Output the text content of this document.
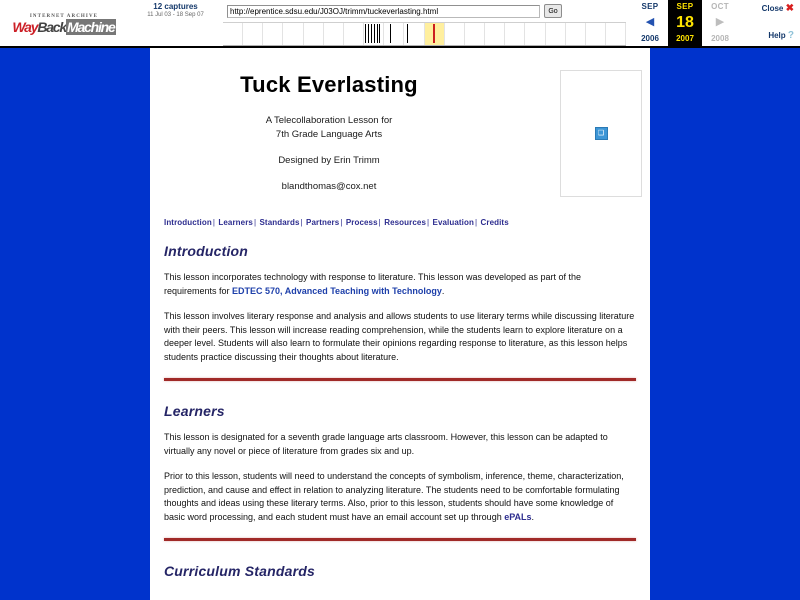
INTERNET ARCHIVE
WayBackMachine
12 captures
11 Jul 03 - 18 Sep 07
http://eprentice.sdsu.edu/J03OJ/trimm/tuckeverlasting.html
Go	SEP
◀
2006
SEP
18
2007
OCT
▶
2008
Close ✖
Help ?
Tuck Everlasting
A Telecollaboration Lesson for
7th Grade Language Arts
Designed by Erin Trimm
blandthomas@cox.net
❑
Introduction| Learners| Standards| Partners| Process| Resources| Evaluation| Credits
Introduction

This lesson incorporates technology with response to literature. This lesson was developed as part of the requirements for EDTEC 570, Advanced Teaching with Technology.

This lesson involves literary response and analysis and allows students to use literary terms while discussing literature with their peers. This lesson will increase reading comprehension, while the students learn to explore literature on a deeper level. Students will also learn to formulate their opinions regarding response to literature, as this lesson helps students practice discussing their thoughts about literature.

Learners

This lesson is designated for a seventh grade language arts classroom. However, this lesson can be adapted to virtually any novel or piece of literature from grades six and up.

Prior to this lesson, students will need to understand the concepts of symbolism, inference, theme, characterization, prediction, and cause and effect in relation to analyzing literature. The students need to be comfortable formulating thoughts and ideas using these literary terms. Also, prior to this lesson, students should have some knowledge of basic word processing, and each student must have an email account set up through ePALs.

Curriculum Standards
